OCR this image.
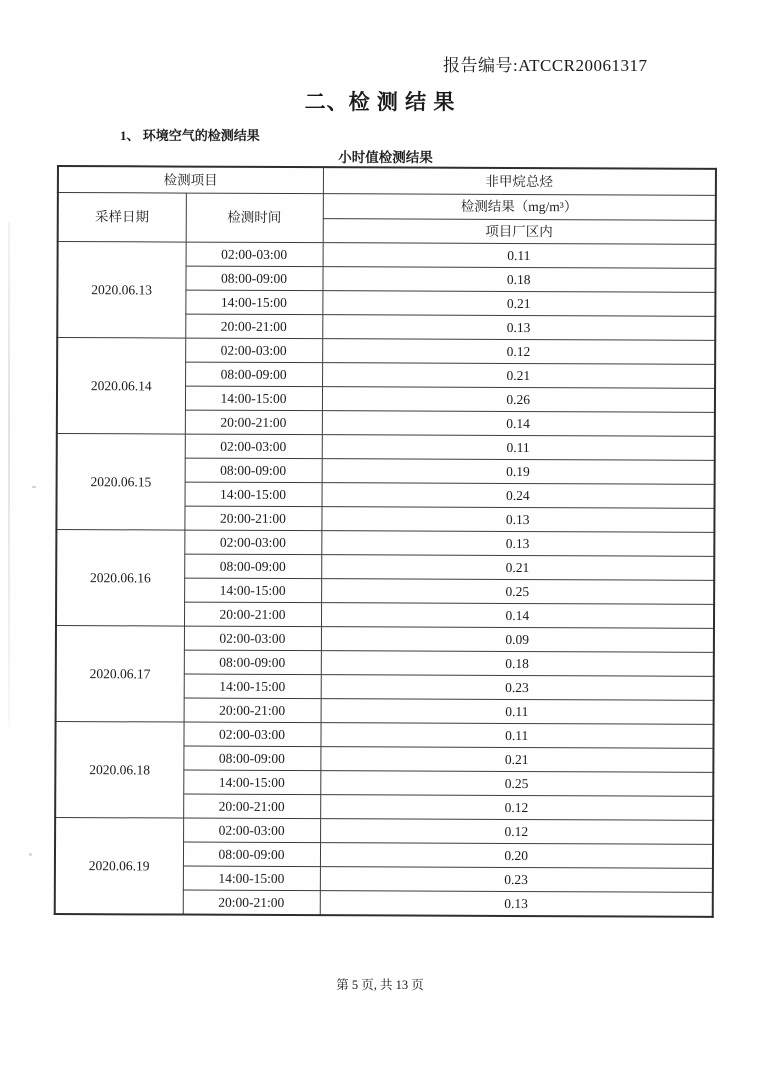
报告编号:ATCCR20061317
二、检 测 结 果
1、 环境空气的检测结果
小时值检测结果
检测项目		非甲烷总烃
采样日期	检测时间	检测结果（mg/m³）
		项目厂区内
2020.06.13	02:00-03:00	0.11
	08:00-09:00	0.18
	14:00-15:00	0.21
	20:00-21:00	0.13
2020.06.14	02:00-03:00	0.12
	08:00-09:00	0.21
	14:00-15:00	0.26
	20:00-21:00	0.14
2020.06.15	02:00-03:00	0.11
	08:00-09:00	0.19
	14:00-15:00	0.24
	20:00-21:00	0.13
2020.06.16	02:00-03:00	0.13
	08:00-09:00	0.21
	14:00-15:00	0.25
	20:00-21:00	0.14
2020.06.17	02:00-03:00	0.09
	08:00-09:00	0.18
	14:00-15:00	0.23
	20:00-21:00	0.11
2020.06.18	02:00-03:00	0.11
	08:00-09:00	0.21
	14:00-15:00	0.25
	20:00-21:00	0.12
2020.06.19	02:00-03:00	0.12
	08:00-09:00	0.20
	14:00-15:00	0.23
	20:00-21:00	0.13
第 5 页, 共 13 页
